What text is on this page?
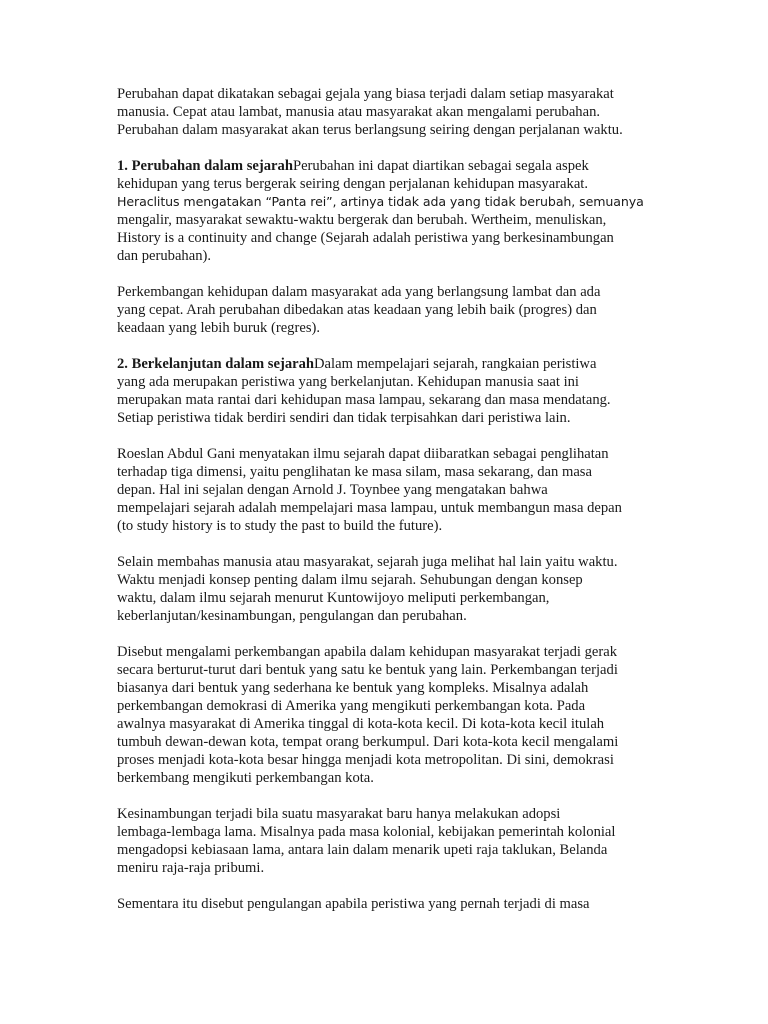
Perubahan dapat dikatakan sebagai gejala yang biasa terjadi dalam setiap masyarakat
manusia. Cepat atau lambat, manusia atau masyarakat akan mengalami perubahan.
Perubahan dalam masyarakat akan terus berlangsung seiring dengan perjalanan waktu.

1. Perubahan dalam sejarahPerubahan ini dapat diartikan sebagai segala aspek
kehidupan yang terus bergerak seiring dengan perjalanan kehidupan masyarakat.
Heraclitus mengatakan “Panta rei”, artinya tidak ada yang tidak berubah, semuanya
mengalir, masyarakat sewaktu-waktu bergerak dan berubah. Wertheim, menuliskan,
History is a continuity and change (Sejarah adalah peristiwa yang berkesinambungan
dan perubahan).

Perkembangan kehidupan dalam masyarakat ada yang berlangsung lambat dan ada
yang cepat. Arah perubahan dibedakan atas keadaan yang lebih baik (progres) dan
keadaan yang lebih buruk (regres).

2. Berkelanjutan dalam sejarahDalam mempelajari sejarah, rangkaian peristiwa
yang ada merupakan peristiwa yang berkelanjutan. Kehidupan manusia saat ini
merupakan mata rantai dari kehidupan masa lampau, sekarang dan masa mendatang.
Setiap peristiwa tidak berdiri sendiri dan tidak terpisahkan dari peristiwa lain.

Roeslan Abdul Gani menyatakan ilmu sejarah dapat diibaratkan sebagai penglihatan
terhadap tiga dimensi, yaitu penglihatan ke masa silam, masa sekarang, dan masa
depan. Hal ini sejalan dengan Arnold J. Toynbee yang mengatakan bahwa
mempelajari sejarah adalah mempelajari masa lampau, untuk membangun masa depan
(to study history is to study the past to build the future).

Selain membahas manusia atau masyarakat, sejarah juga melihat hal lain yaitu waktu.
Waktu menjadi konsep penting dalam ilmu sejarah. Sehubungan dengan konsep
waktu, dalam ilmu sejarah menurut Kuntowijoyo meliputi perkembangan,
keberlanjutan/kesinambungan, pengulangan dan perubahan.

Disebut mengalami perkembangan apabila dalam kehidupan masyarakat terjadi gerak
secara berturut-turut dari bentuk yang satu ke bentuk yang lain. Perkembangan terjadi
biasanya dari bentuk yang sederhana ke bentuk yang kompleks. Misalnya adalah
perkembangan demokrasi di Amerika yang mengikuti perkembangan kota. Pada
awalnya masyarakat di Amerika tinggal di kota-kota kecil. Di kota-kota kecil itulah
tumbuh dewan-dewan kota, tempat orang berkumpul. Dari kota-kota kecil mengalami
proses menjadi kota-kota besar hingga menjadi kota metropolitan. Di sini, demokrasi
berkembang mengikuti perkembangan kota.

Kesinambungan terjadi bila suatu masyarakat baru hanya melakukan adopsi
lembaga-lembaga lama. Misalnya pada masa kolonial, kebijakan pemerintah kolonial
mengadopsi kebiasaan lama, antara lain dalam menarik upeti raja taklukan, Belanda
meniru raja-raja pribumi.

Sementara itu disebut pengulangan apabila peristiwa yang pernah terjadi di masa
